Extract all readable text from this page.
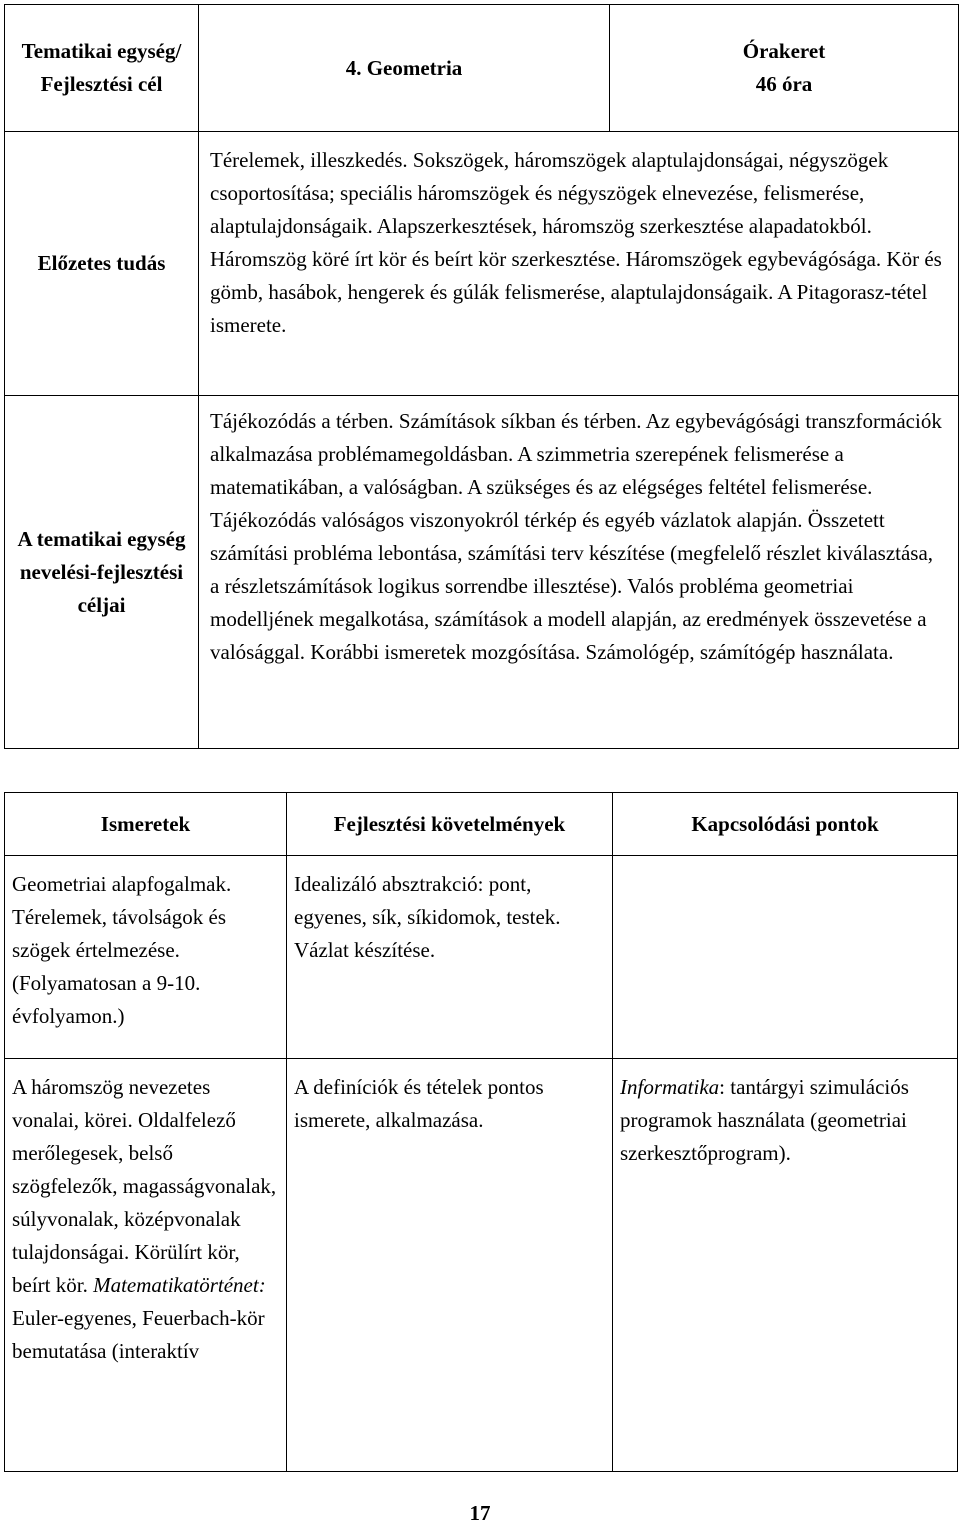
Tematikai egység/ Fejlesztési cél	4. Geometria	Órakeret
46 óra

Előzetes tudás	Térelemek, illeszkedés. Sokszögek, háromszögek alaptulajdonságai, négyszögek csoportosítása; speciális háromszögek és négyszögek elnevezése, felismerése, alaptulajdonságaik. Alapszerkesztések, háromszög szerkesztése alapadatokból. Háromszög köré írt kör és beírt kör szerkesztése. Háromszögek egybevágósága. Kör és gömb, hasábok, hengerek és gúlák felismerése, alaptulajdonságaik. A Pitagorasz-tétel ismerete.	
A tematikai egység nevelési-fejlesztési céljai	Tájékozódás a térben. Számítások síkban és térben. Az egybevágósági transzformációk alkalmazása problémamegoldásban. A szimmetria szerepének felismerése a matematikában, a valóságban. A szükséges és az elégséges feltétel felismerése. Tájékozódás valóságos viszonyokról térkép és egyéb vázlatok alapján. Összetett számítási probléma lebontása, számítási terv készítése (megfelelő részlet kiválasztása, a részletszámítások logikus sorrendbe illesztése). Valós probléma geometriai modelljének megalkotása, számítások a modell alapján, az eredmények összevetése a valósággal. Korábbi ismeretek mozgósítása. Számológép, számítógép használata.	
Ismeretek	Fejlesztési követelmények	Kapcsolódási pontok
Geometriai alapfogalmak. Térelemek, távolságok és szögek értelmezése. (Folyamatosan a 9-10. évfolyamon.)	Idealizáló absztrakció: pont, egyenes, sík, síkidomok, testek. Vázlat készítése.	
A háromszög nevezetes vonalai, körei. Oldalfelező merőlegesek, belső szögfelezők, magasságvonalak, súlyvonalak, középvonalak tulajdonságai. Körülírt kör, beírt kör. Matematikatörténet: Euler-egyenes, Feuerbach-kör bemutatása (interaktív	A definíciók és tételek pontos ismerete, alkalmazása.	Informatika: tantárgyi szimulációs programok használata (geometriai szerkesztőprogram).
17
